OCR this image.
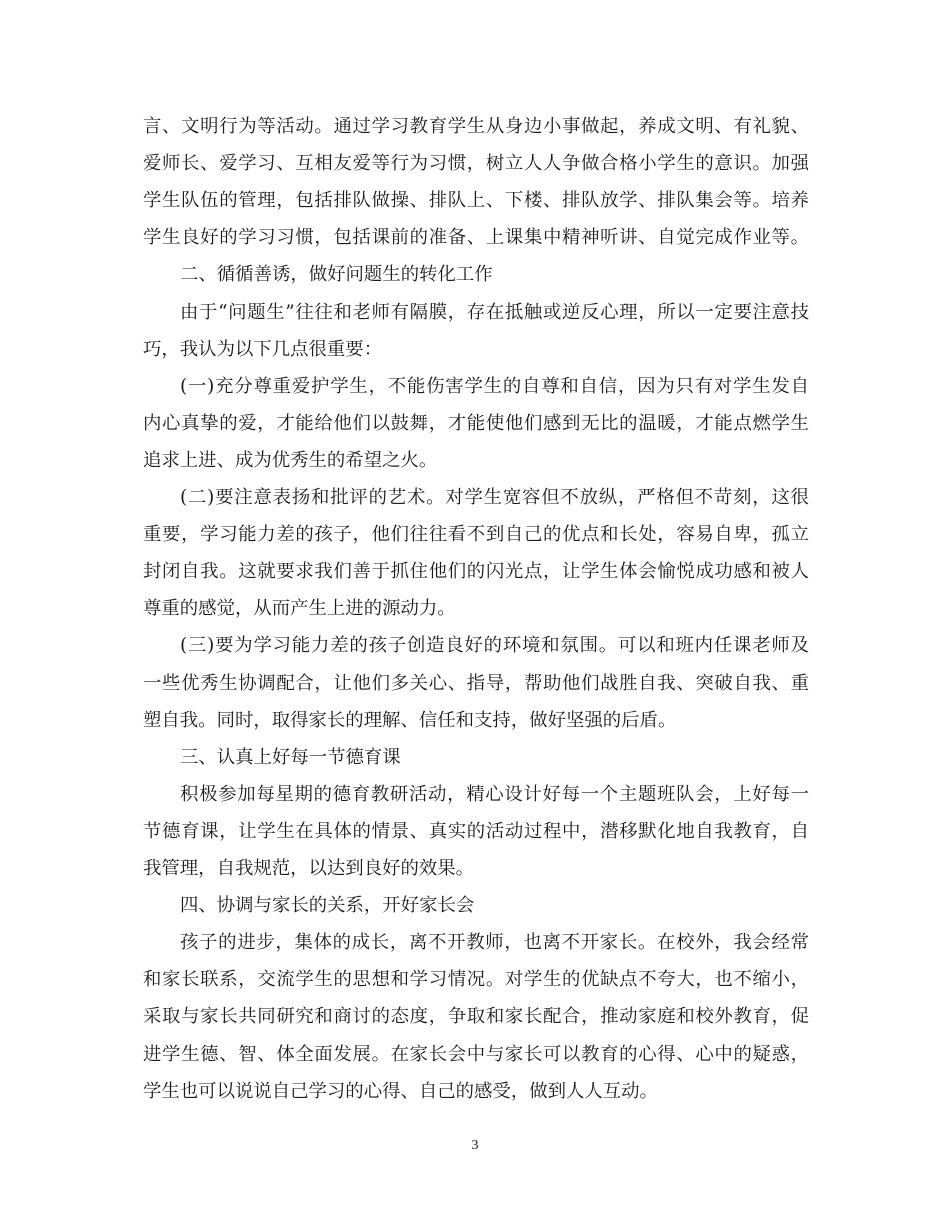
言、文明行为等活动。通过学习教育学生从身边小事做起，养成文明、有礼貌、
爱师长、爱学习、互相友爱等行为习惯，树立人人争做合格小学生的意识。加强
学生队伍的管理，包括排队做操、排队上、下楼、排队放学、排队集会等。培养
学生良好的学习习惯，包括课前的准备、上课集中精神听讲、自觉完成作业等。
二、循循善诱，做好问题生的转化工作
由于“问题生”往往和老师有隔膜，存在抵触或逆反心理，所以一定要注意技
巧，我认为以下几点很重要：
(一)充分尊重爱护学生，不能伤害学生的自尊和自信，因为只有对学生发自
内心真挚的爱，才能给他们以鼓舞，才能使他们感到无比的温暖，才能点燃学生
追求上进、成为优秀生的希望之火。
(二)要注意表扬和批评的艺术。对学生宽容但不放纵，严格但不苛刻，这很
重要，学习能力差的孩子，他们往往看不到自己的优点和长处，容易自卑，孤立
封闭自我。这就要求我们善于抓住他们的闪光点，让学生体会愉悦成功感和被人
尊重的感觉，从而产生上进的源动力。
(三)要为学习能力差的孩子创造良好的环境和氛围。可以和班内任课老师及
一些优秀生协调配合，让他们多关心、指导，帮助他们战胜自我、突破自我、重
塑自我。同时，取得家长的理解、信任和支持，做好坚强的后盾。
三、认真上好每一节德育课
积极参加每星期的德育教研活动，精心设计好每一个主题班队会，上好每一
节德育课，让学生在具体的情景、真实的活动过程中，潜移默化地自我教育，自
我管理，自我规范，以达到良好的效果。
四、协调与家长的关系，开好家长会
孩子的进步，集体的成长，离不开教师，也离不开家长。在校外，我会经常
和家长联系，交流学生的思想和学习情况。对学生的优缺点不夸大，也不缩小，
采取与家长共同研究和商讨的态度，争取和家长配合，推动家庭和校外教育，促
进学生德、智、体全面发展。在家长会中与家长可以教育的心得、心中的疑惑，
学生也可以说说自己学习的心得、自己的感受，做到人人互动。
3
